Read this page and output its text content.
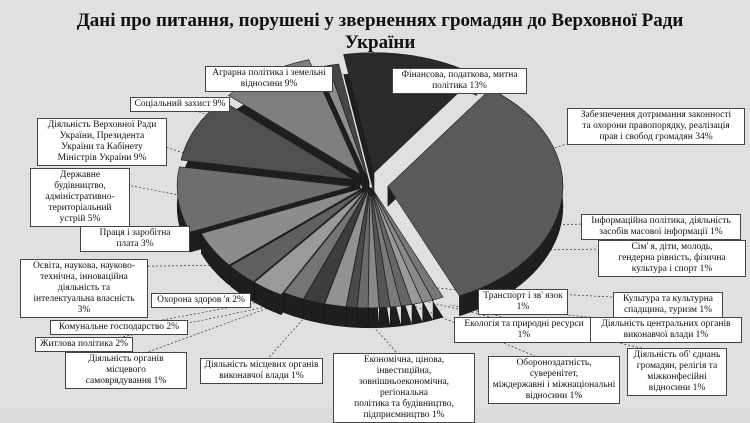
Дані про питання, порушені у зверненнях громадян до Верховної Ради України
Аграрна політика і земельні
відносини 9%
Фінансова, податкова, митна
політика 13%
Соціальний захист 9%
Діяльність Верховної Ради
України, Президента
України та Кабінету
Міністрів України 9%
Забезпечення дотримання законності
та охорони правопорядку, реалізація
прав і свобод громадян 34%
Державне
будівництво,
адміністративно-
територіальний
устрій 5%	Інформаційна політика, діяльність
засобів масової інформації 1%
Праця і заробітна
плата 3%	Сім' я, діти, молодь,
гендерна рівність, фізична
культура і спорт 1%
Освіта, наукова, науково-
технічна, інноваційна
діяльність та
інтелектуальна власність
3%
Охорона здоров 'я 2%	Транспорт і зв' язок
1%
Культура та культурна
спадщина, туризм 1%
Комунальне господарство 2%	Екологія та природні ресурси
1%
Діяльність центральних органів
виконавчої влади 1%
Житлова політика 2%
Діяльність об' єднань
громадян, релігія та
міжконфесійні
відносини 1%
Діяльність органів місцевого
самоврядування 1%
Діяльність місцевих органів
виконавчої влади 1%
Економічна, цінова, інвестиційна,
зовнішньоекономічна, регіональна
політика та будівництво,
підприємництво 1%
Обороноздатність, суверенітет,
міждержавні і міжнаціональні
відносини 1%
